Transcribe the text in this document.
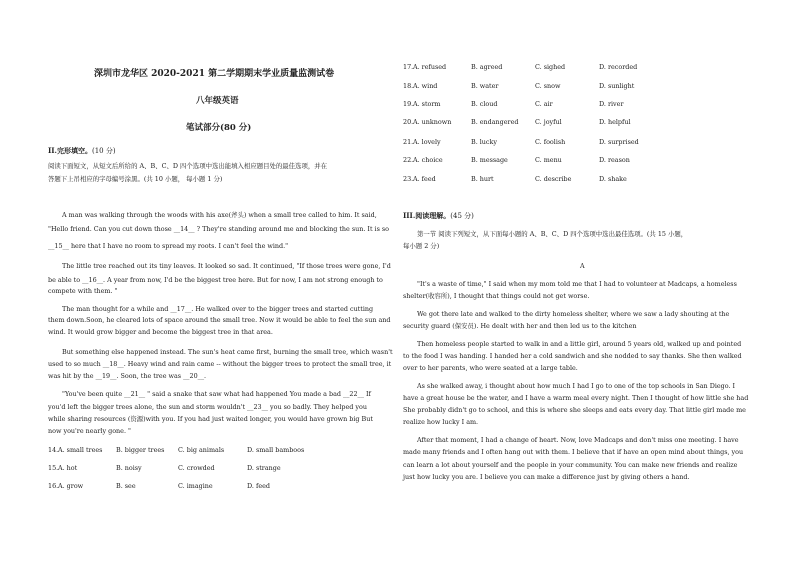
深圳市龙华区 2020-2021 第二学期期末学业质量监测试卷
八年级英语
笔试部分(80 分)
II.完形填空。(10 分)
阅读下面短文，从短文后所给的 A、B、C、D 四个选项中选出能填入相应题目处的最佳选项，并在
答题下上吊相应的字母编号涂黑。(共 10 小题， 每小题 1 分)
A man was walking through the woods with his axe(斧头) when a small tree called to him. It said,
"Hello friend. Can you cut down those __14__ ? They're standing around me and blocking the sun. It is so
__15__ here that I have no room to spread my roots. I can't feel the wind."
The little tree reached out its tiny leaves. It looked so sad. It continued, "If those trees were gone, I'd
be able to __16__. A year from now, I'd be the biggest tree here. But for now, I am not strong enough to
compete with them. "
The man thought for a while and __17__. He walked over to the bigger trees and started cutting
them down.Soon, he cleared lots of space around the small tree. Now it would be able to feel the sun and
wind. It would grow bigger and become the biggest tree in that area.
But something else happened instead. The sun's heat came first, burning the small tree, which wasn't
used to so much __18__. Heavy wind and rain came -- without the bigger trees to protect the small tree, it
was hit by the __19__. Soon, the tree was __20__.
"You've been quite __21__ " said a snake that saw what had happened You made a bad __22__ If
you'd left the bigger trees alone, the sun and storm wouldn't __23__ you so badly. They helped you
while sharing resources (资源)with you. If you had just waited longer, you would have grown big But
now you're nearly gone. "
14. A. small trees B. bigger trees C. big animals	D. small bamboos
15. A. hot	B. noisy	C. crowded	D. strange
16. A. grow	B. see	C. imagine	D. feed
17. A. refused	B. agreed	C. sighed	D. recorded
18. A. wind	B. water	C. snow	D. sunlight
19. A. storm	B. cloud	C. air	D. river
20. A. unknown	B. endangered	C. joyful	D. helpful
21. A. lovely	B. lucky	C. foolish	D. surprised
22. A. choice	B. message	C. menu	D. reason
23. A. feed	B. hurt	C. describe	D. shake
III.阅读理解。(45 分)
第一节 阅读下列短文，从下面每小题的 A、B、C、D 四个选项中选出最佳选项。(共 15 小题，
每小题 2 分)
A
"It's a waste of time," I said when my mom told me that I had to volunteer at Madcaps, a homeless
shelter(收容所), I thought that things could not get worse.
We got there late and walked to the dirty homeless shelter, where we saw a lady shouting at the
security guard (保安员). He dealt with her and then led us to the kitchen
Then homeless people started to walk in and a little girl, around 5 years old, walked up and pointed
to the food I was handing. I handed her a cold sandwich and she nodded to say thanks. She then walked
over to her parents, who were seated at a large table.
As she walked away, i thought about how much I had I go to one of the top schools in San Diego. I
have a great house be the water, and I have a warm meal every night. Then I thought of how little she had
She probably didn't go to school, and this is where she sleeps and eats every day. That little girl made me
realize how lucky I am.
After that moment, I had a change of heart. Now, love Madcaps and don't miss one meeting. I have
made many friends and I often hang out with them. I believe that if have an open mind about things, you
can learn a lot about yourself and the people in your community. You can make new friends and realize
just how lucky you are. I believe you can make a difference just by giving others a hand.
